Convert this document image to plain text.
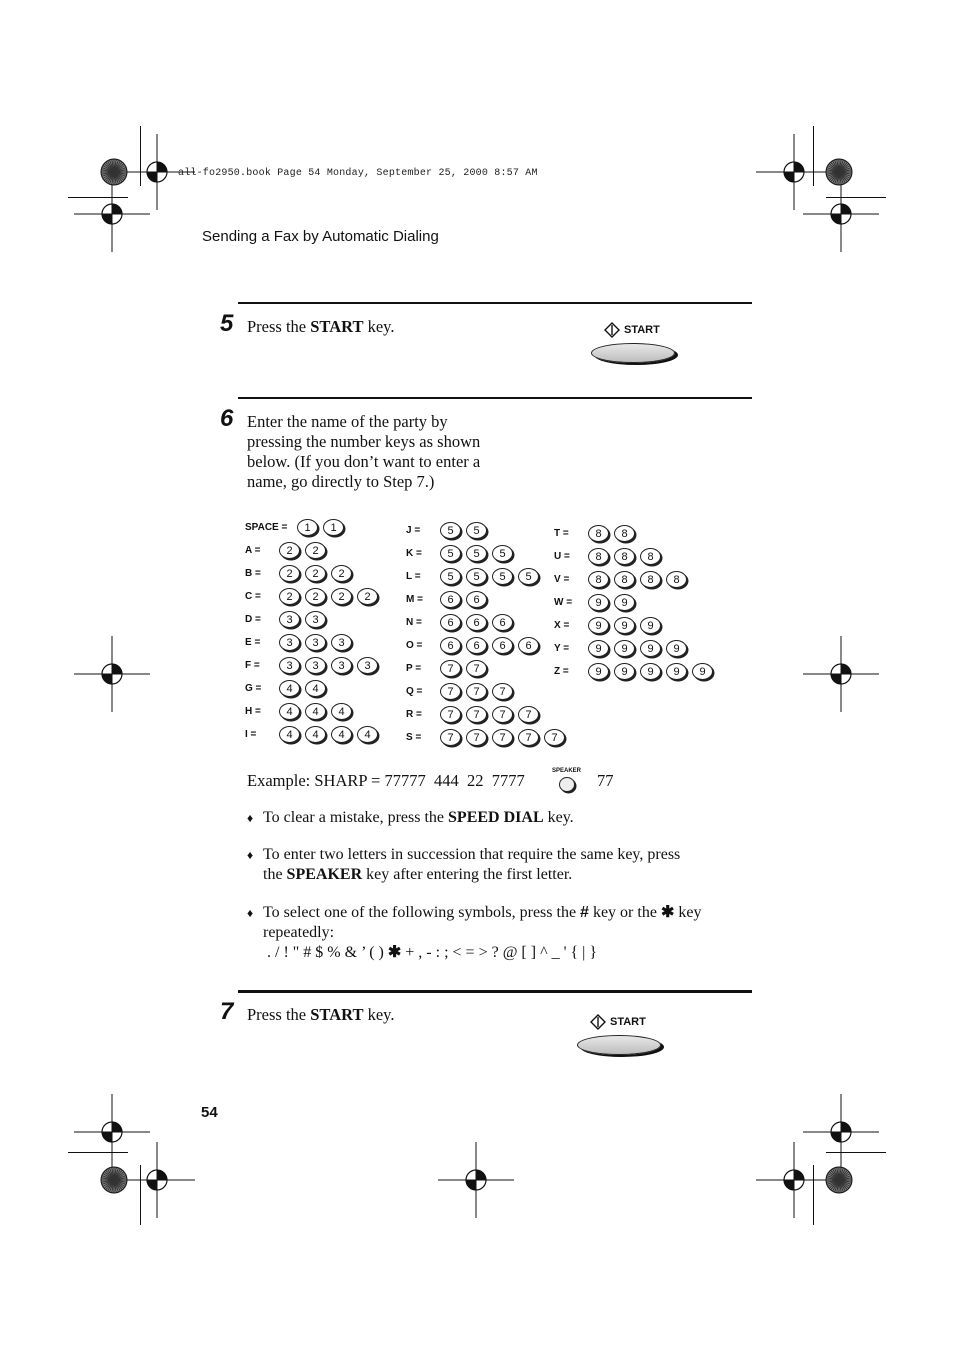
all-fo2950.book Page 54 Monday, September 25, 2000 8:57 AM
Sending a Fax by Automatic Dialing
5 Press the START key.	START
6 Enter the name of the party by
pressing the number keys as shown
below. (If you don’t want to enter a
name, go directly to Step 7.)
SPACE =	1	1
A =	2	2
B =	2	2	2
C =	2	2	2	2
D =	3	3
E =	3	3	3
F =	3	3	3	3
G =	4	4
H =	4	4	4
I =	4	4	4	4
J =	5	5
K =	5	5	5
L =	5	5	5	5
M =	6	6
N =	6	6	6
O =	6	6	6	6
P =	7	7
Q =	7	7	7
R =	7	7	7	7
S =	7	7	7	7	7
T =	8	8
U =	8	8	8
V =	8	8	8	8
W =	9	9
X =	9	9	9
Y =	9	9	9	9
Z =	9	9	9	9	9
Example: SHARP = 77777  444  22  7777	SPEAKER 77
♦ To clear a mistake, press the SPEED DIAL key.
♦ To enter two letters in succession that require the same key, press
the SPEAKER key after entering the first letter.
♦ To select one of the following symbols, press the # key or the ✱ key
repeatedly:
. / ! " # $ % & ’ ( ) ✱ + , - : ; < = > ? @ [ ] ^ _ ' { | }
7 Press the START key.	START
54
